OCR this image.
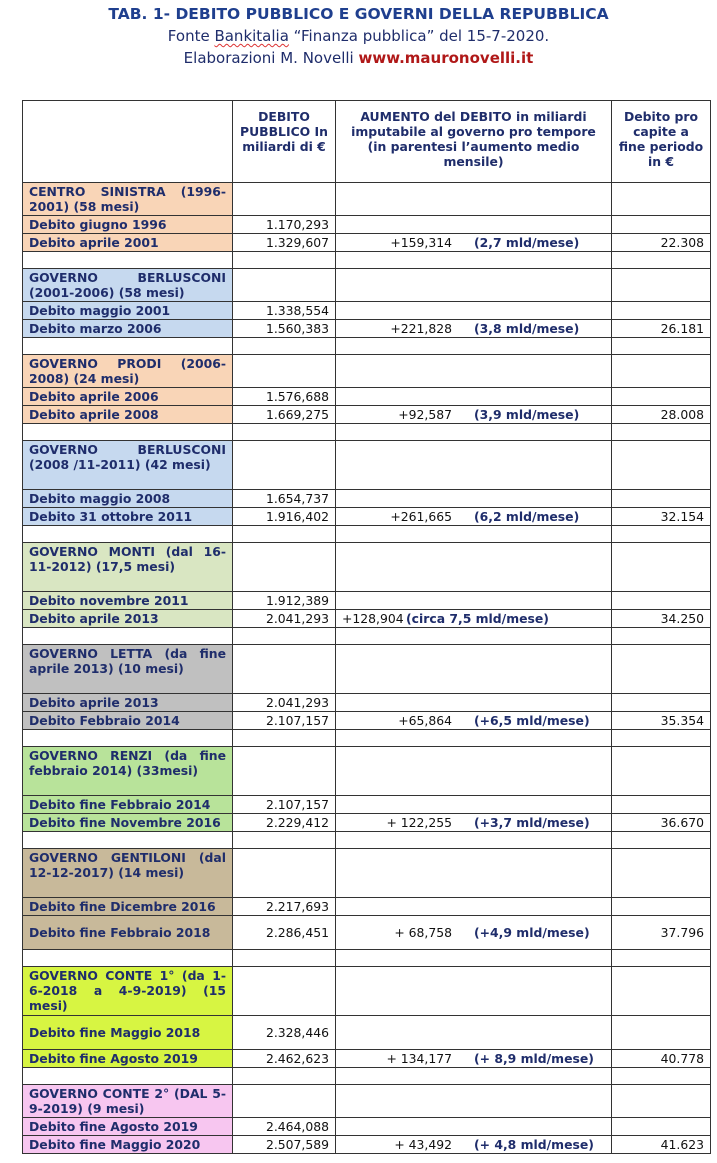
TAB. 1- DEBITO PUBBLICO E GOVERNI DELLA REPUBBLICA
Fonte Bankitalia “Finanza pubblica” del 15-7-2020.
Elaborazioni M. Novelli www.mauronovelli.it
	DEBITO PUBBLICO In miliardi di €	AUMENTO del DEBITO in miliardi imputabile al governo pro tempore (in parentesi l’aumento medio mensile)	Debito pro capite a fine periodo in €
CENTRO SINISTRA (1996-2001) (58 mesi)			
Debito giugno 1996	1.170,293		
Debito aprile 2001	1.329,607	+159,314 (2,7 mld/mese)	22.308

GOVERNO BERLUSCONI (2001-2006) (58 mesi)			
Debito maggio 2001	1.338,554		
Debito marzo 2006	1.560,383	+221,828 (3,8 mld/mese)	26.181

GOVERNO PRODI (2006-2008) (24 mesi)			
Debito aprile 2006	1.576,688		
Debito aprile 2008	1.669,275	+92,587 (3,9 mld/mese)	28.008

GOVERNO BERLUSCONI (2008 /11-2011) (42 mesi)			
Debito maggio 2008	1.654,737		
Debito 31 ottobre 2011	1.916,402	+261,665 (6,2 mld/mese)	32.154

GOVERNO MONTI (dal 16-11-2012) (17,5 mesi)			
Debito novembre 2011	1.912,389		
Debito aprile 2013	2.041,293	+128,904 (circa 7,5 mld/mese)	34.250

GOVERNO LETTA (da fine aprile 2013) (10 mesi)			
Debito aprile 2013	2.041,293		
Debito Febbraio 2014	2.107,157	+65,864 (+6,5 mld/mese)	35.354

GOVERNO RENZI (da fine febbraio 2014) (33mesi)			
Debito fine Febbraio 2014	2.107,157		
Debito fine Novembre 2016	2.229,412	+ 122,255 (+3,7 mld/mese)	36.670

GOVERNO GENTILONI (dal 12-12-2017) (14 mesi)			
Debito fine Dicembre 2016	2.217,693		
Debito fine Febbraio 2018	2.286,451	+ 68,758 (+4,9 mld/mese)	37.796

GOVERNO CONTE 1° (da 1-6-2018 a 4-9-2019) (15 mesi)			
Debito fine Maggio 2018	2.328,446		
Debito fine Agosto 2019	2.462,623	+ 134,177 (+ 8,9 mld/mese)	40.778

GOVERNO CONTE 2° (DAL 5-9-2019) (9 mesi)			
Debito fine Agosto 2019	2.464,088		
Debito fine Maggio 2020	2.507,589	+ 43,492 (+ 4,8 mld/mese)	41.623
